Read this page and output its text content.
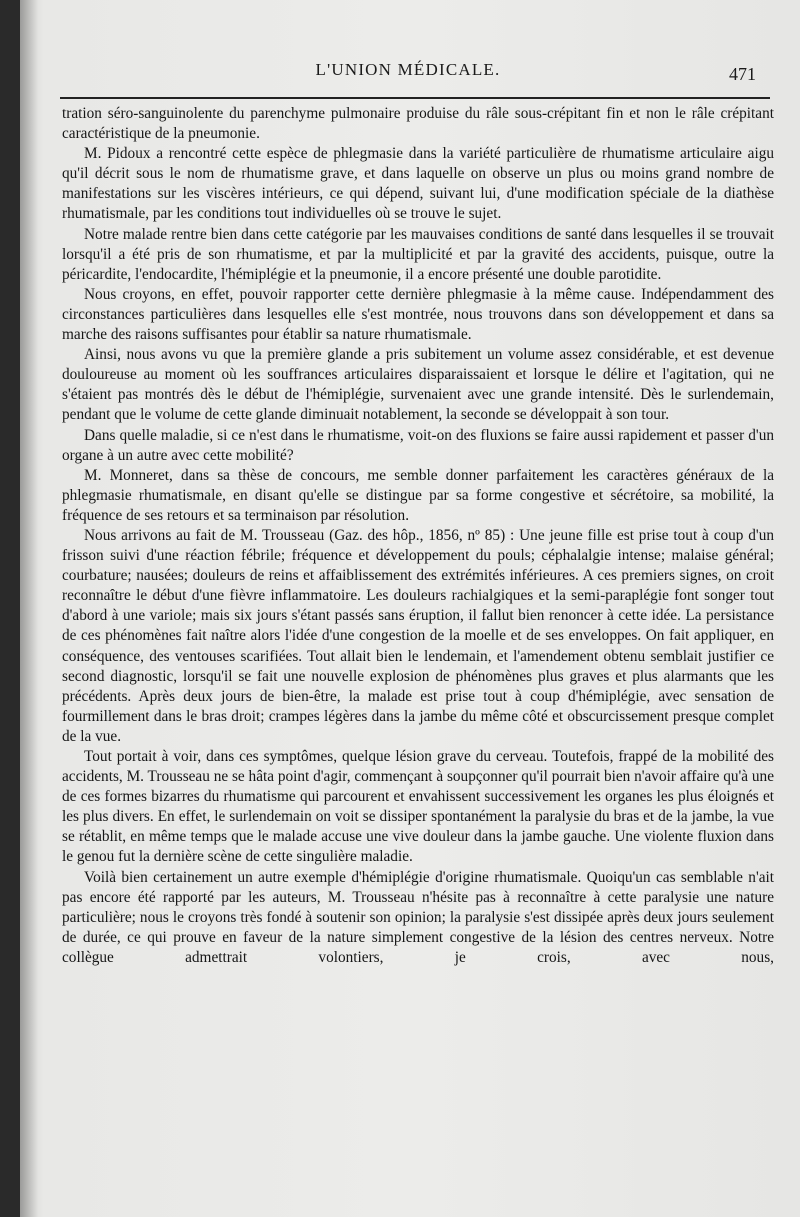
L'UNION MÉDICALE.	471

tration séro-sanguinolente du parenchyme pulmonaire produise du râle sous-crépitant fin et non le râle crépitant caractéristique de la pneumonie.

M. Pidoux a rencontré cette espèce de phlegmasie dans la variété particulière de rhumatisme articulaire aigu qu'il décrit sous le nom de rhumatisme grave, et dans laquelle on observe un plus ou moins grand nombre de manifestations sur les viscères intérieurs, ce qui dépend, suivant lui, d'une modification spéciale de la diathèse rhumatismale, par les conditions tout individuelles où se trouve le sujet.

Notre malade rentre bien dans cette catégorie par les mauvaises conditions de santé dans lesquelles il se trouvait lorsqu'il a été pris de son rhumatisme, et par la multiplicité et par la gravité des accidents, puisque, outre la péricardite, l'endocardite, l'hémiplégie et la pneumonie, il a encore présenté une double parotidite.

Nous croyons, en effet, pouvoir rapporter cette dernière phlegmasie à la même cause. Indépendamment des circonstances particulières dans lesquelles elle s'est montrée, nous trouvons dans son développement et dans sa marche des raisons suffisantes pour établir sa nature rhumatismale.

Ainsi, nous avons vu que la première glande a pris subitement un volume assez considérable, et est devenue douloureuse au moment où les souffrances articulaires disparaissaient et lorsque le délire et l'agitation, qui ne s'étaient pas montrés dès le début de l'hémiplégie, survenaient avec une grande intensité. Dès le surlendemain, pendant que le volume de cette glande diminuait notablement, la seconde se développait à son tour.

Dans quelle maladie, si ce n'est dans le rhumatisme, voit-on des fluxions se faire aussi rapidement et passer d'un organe à un autre avec cette mobilité?

M. Monneret, dans sa thèse de concours, me semble donner parfaitement les caractères généraux de la phlegmasie rhumatismale, en disant qu'elle se distingue par sa forme congestive et sécrétoire, sa mobilité, la fréquence de ses retours et sa terminaison par résolution.

Nous arrivons au fait de M. Trousseau (Gaz. des hôp., 1856, nº 85) : Une jeune fille est prise tout à coup d'un frisson suivi d'une réaction fébrile; fréquence et développement du pouls; céphalalgie intense; malaise général; courbature; nausées; douleurs de reins et affaiblissement des extrémités inférieures. A ces premiers signes, on croit reconnaître le début d'une fièvre inflammatoire. Les douleurs rachialgiques et la semi-paraplégie font songer tout d'abord à une variole; mais six jours s'étant passés sans éruption, il fallut bien renoncer à cette idée. La persistance de ces phénomènes fait naître alors l'idée d'une congestion de la moelle et de ses enveloppes. On fait appliquer, en conséquence, des ventouses scarifiées. Tout allait bien le lendemain, et l'amendement obtenu semblait justifier ce second diagnostic, lorsqu'il se fait une nouvelle explosion de phénomènes plus graves et plus alarmants que les précédents. Après deux jours de bien-être, la malade est prise tout à coup d'hémiplégie, avec sensation de fourmillement dans le bras droit; crampes légères dans la jambe du même côté et obscurcissement presque complet de la vue.

Tout portait à voir, dans ces symptômes, quelque lésion grave du cerveau. Toutefois, frappé de la mobilité des accidents, M. Trousseau ne se hâta point d'agir, commençant à soupçonner qu'il pourrait bien n'avoir affaire qu'à une de ces formes bizarres du rhumatisme qui parcourent et envahissent successivement les organes les plus éloignés et les plus divers. En effet, le surlendemain on voit se dissiper spontanément la paralysie du bras et de la jambe, la vue se rétablit, en même temps que le malade accuse une vive douleur dans la jambe gauche. Une violente fluxion dans le genou fut la dernière scène de cette singulière maladie.

Voilà bien certainement un autre exemple d'hémiplégie d'origine rhumatismale. Quoiqu'un cas semblable n'ait pas encore été rapporté par les auteurs, M. Trousseau n'hésite pas à reconnaître à cette paralysie une nature particulière; nous le croyons très fondé à soutenir son opinion; la paralysie s'est dissipée après deux jours seulement de durée, ce qui prouve en faveur de la nature simplement congestive de la lésion des centres nerveux. Notre collègue admettrait volontiers, je crois, avec nous,
